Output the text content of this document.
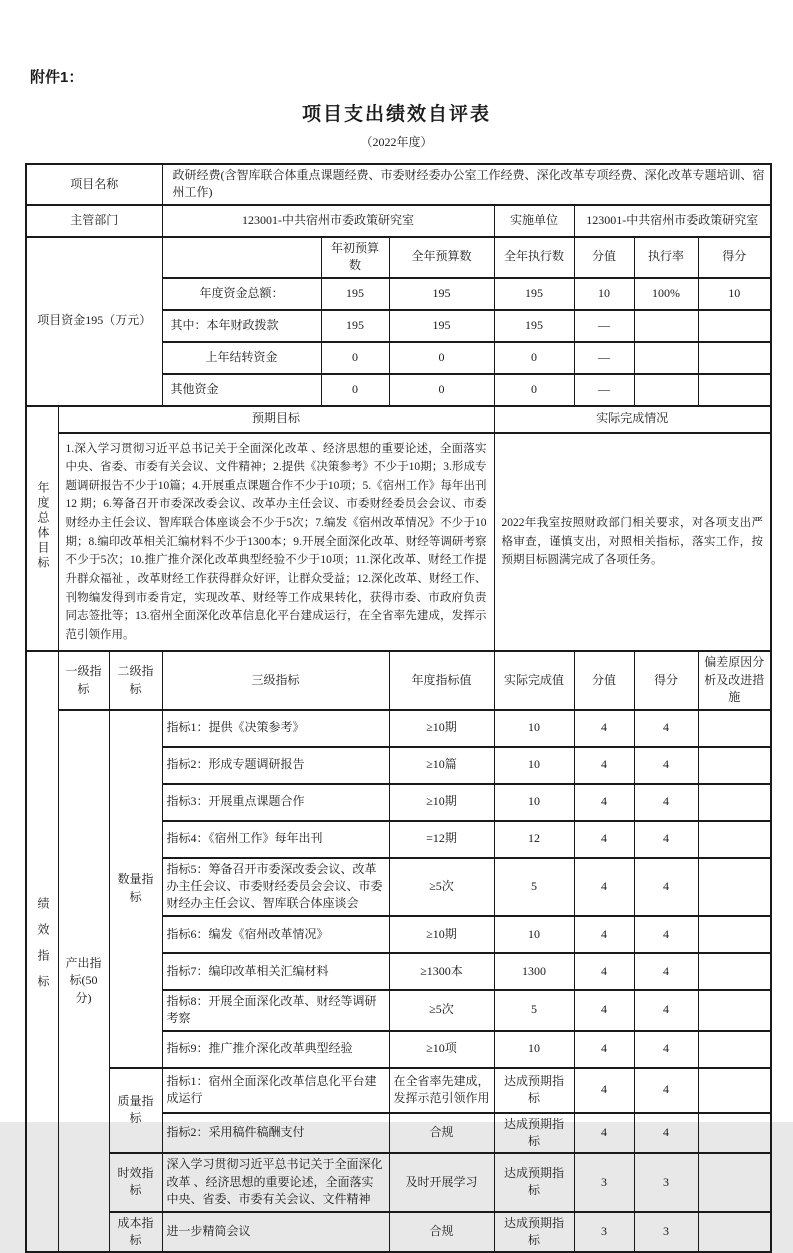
附件1：
项目支出绩效自评表
（2022年度）
项目名称			政研经费(含智库联合体重点课题经费、市委财经委办公室工作经费、深化改革专项经费、深化改革专题培训、宿州工作)						
主管部门			123001-中共宿州市委政策研究室			实施单位	123001-中共宿州市委政策研究室		
项目资金195（万元）				年初预算数	全年预算数	全年执行数	分值	执行率	得分
			年度资金总额：	195	195	195	10	100%	10
			其中：本年财政拨款	195	195	195	—		
			上年结转资金	0	0	0	—		
			其他资金	0	0	0	—		
年度总体目标	预期目标					实际完成情况			
	1.深入学习贯彻习近平总书记关于全面深化改革 、经济思想的重要论述，全面落实中央、省委、市委有关会议、文件精神；2.提供《决策参考》不少于10期；3.形成专题调研报告不少于10篇；4.开展重点课题合作不少于10项；5.《宿州工作》每年出刊 12 期；6.筹备召开市委深改委会议、改革办主任会议、市委财经委员会会议、市委财经办主任会议、智库联合体座谈会不少于5次；7.编发《宿州改革情况》不少于10期；8.编印改革相关汇编材料不少于1300本；9.开展全面深化改革、财经等调研考察不少于5次；10.推广推介深化改革典型经验不少于10项；11.深化改革、财经工作提升群众福祉 ，改革财经工作获得群众好评，让群众受益；12.深化改革、财经工作、刊物编发得到市委肯定，实现改革、财经等工作成果转化，获得市委、市政府负责同志签批等；13.宿州全面深化改革信息化平台建成运行，在全省率先建成，发挥示范引领作用。					2022年我室按照财政部门相关要求，对各项支出严格审查，谨慎支出，对照相关指标，落实工作，按预期目标圆满完成了各项任务。			
绩效指标	一级指标	二级指标	三级指标		年度指标值	实际完成值	分值	得分	偏差原因分析及改进措施
	产出指标(50分)	数量指标	指标1：提供《决策参考》		≥10期	10	4	4	
			指标2：形成专题调研报告		≥10篇	10	4	4	
			指标3：开展重点课题合作		≥10期	10	4	4	
			指标4：《宿州工作》每年出刊		=12期	12	4	4	
			指标5：筹备召开市委深改委会议、改革办主任会议、市委财经委员会会议、市委财经办主任会议、智库联合体座谈会		≥5次	5	4	4	
			指标6：编发《宿州改革情况》		≥10期	10	4	4	
			指标7：编印改革相关汇编材料		≥1300本	1300	4	4	
			指标8：开展全面深化改革、财经等调研考察		≥5次	5	4	4	
			指标9：推广推介深化改革典型经验		≥10项	10	4	4	
		质量指标	指标1：宿州全面深化改革信息化平台建成运行		在全省率先建成，发挥示范引领作用	达成预期指标	4	4	
			指标2：采用稿件稿酬支付		合规	达成预期指标	4	4	
		时效指标	深入学习贯彻习近平总书记关于全面深化改革 、经济思想的重要论述，全面落实中央、省委、市委有关会议、文件精神		及时开展学习	达成预期指标	3	3	
		成本指标	进一步精简会议		合规	达成预期指标	3	3	
